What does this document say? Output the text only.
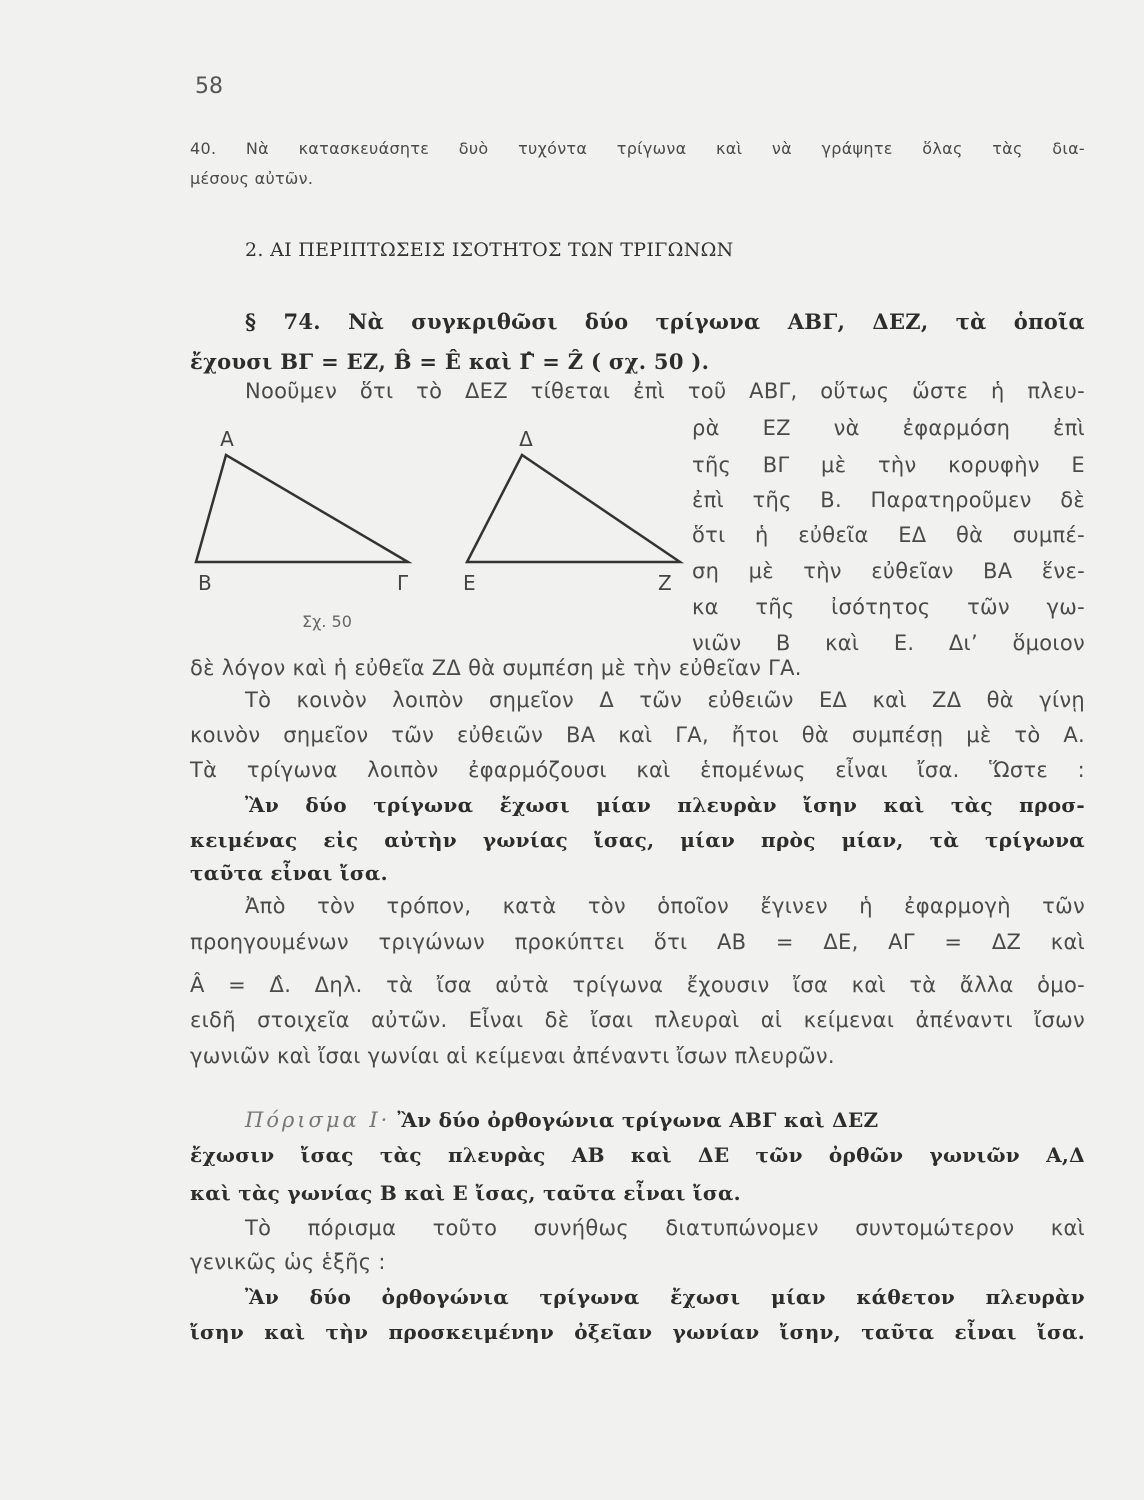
58
40. Νὰ κατασκευάσητε δυὸ τυχόντα τρίγωνα καὶ νὰ γράψητε ὅλας τὰς δια-
μέσους αὐτῶν.
2. ΑΙ ΠΕΡΙΠΤΩΣΕΙΣ ΙΣΟΤΗΤΟΣ ΤΩΝ ΤΡΙΓΩΝΩΝ
§ 74. Νὰ συγκριθῶσι δύο τρίγωνα ΑΒΓ, ΔΕΖ, τὰ ὁποῖα
ἔχουσι ΒΓ = ΕΖ, B̂ = Ê καὶ Γ̂ = Ẑ ( σχ. 50 ).
Νοοῦμεν ὅτι τὸ ΔΕΖ τίθεται ἐπὶ τοῦ ΑΒΓ, οὕτως ὥστε ἡ πλευ-
ρὰ ΕΖ νὰ ἐφαρμόση ἐπὶ
τῆς ΒΓ μὲ τὴν κορυφὴν Ε
ἐπὶ τῆς Β. Παρατηροῦμεν δὲ
ὅτι ἡ εὐθεῖα ΕΔ θὰ συμπέ-
ση μὲ τὴν εὐθεῖαν ΒΑ ἕνε-
κα τῆς ἰσότητος τῶν γω-
νιῶν Β καὶ Ε. Δι’ ὅμοιον
δὲ λόγον καὶ ἡ εὐθεῖα ΖΔ θὰ συμπέση μὲ τὴν εὐθεῖαν ΓΑ.
Τὸ κοινὸν λοιπὸν σημεῖον Δ τῶν εὐθειῶν ΕΔ καὶ ΖΔ θὰ γίνῃ
κοινὸν σημεῖον τῶν εὐθειῶν ΒΑ καὶ ΓΑ, ἤτοι θὰ συμπέσῃ μὲ τὸ Α.
Τὰ τρίγωνα λοιπὸν ἐφαρμόζουσι καὶ ἑπομένως εἶναι ἴσα. Ὥστε :
Ἂν δύο τρίγωνα ἔχωσι μίαν πλευρὰν ἴσην καὶ τὰς προσ-
κειμένας εἰς αὐτὴν γωνίας ἴσας, μίαν πρὸς μίαν, τὰ τρίγωνα
ταῦτα εἶναι ἴσα.
Ἀπὸ τὸν τρόπον, κατὰ τὸν ὁποῖον ἔγινεν ἡ ἐφαρμογὴ τῶν
προηγουμένων τριγώνων προκύπτει ὅτι ΑΒ = ΔΕ, ΑΓ = ΔΖ καὶ
Â = Δ̂. Δηλ. τὰ ἴσα αὐτὰ τρίγωνα ἔχουσιν ἴσα καὶ τὰ ἄλλα ὁμο-
ειδῆ στοιχεῖα αὐτῶν. Εἶναι δὲ ἴσαι πλευραὶ αἱ κείμεναι ἀπέναντι ἴσων
γωνιῶν καὶ ἴσαι γωνίαι αἱ κείμεναι ἀπέναντι ἴσων πλευρῶν.
Πόρισμα Ι· Ἂν δύο ὀρθογώνια τρίγωνα ΑΒΓ καὶ ΔΕΖ
ἔχωσιν ἴσας τὰς πλευρὰς ΑΒ καὶ ΔΕ τῶν ὀρθῶν γωνιῶν Α,Δ
καὶ τὰς γωνίας Β καὶ Ε ἴσας, ταῦτα εἶναι ἴσα.
Τὸ πόρισμα τοῦτο συνήθως διατυπώνομεν συντομώτερον καὶ
γενικῶς ὡς ἑξῆς :
Ἂν δύο ὀρθογώνια τρίγωνα ἔχωσι μίαν κάθετον πλευρὰν
ἴσην καὶ τὴν προσκειμένην ὀξεῖαν γωνίαν ἴσην, ταῦτα εἶναι ἴσα.
Α
Β	Γ
Δ
Ε	Ζ
Σχ. 50
